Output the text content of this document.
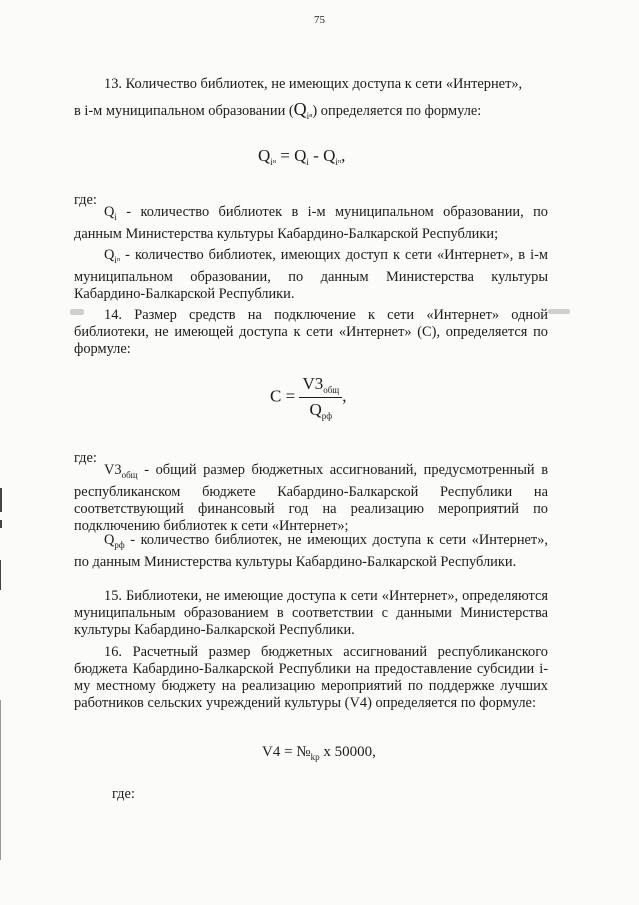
75
13. Количество библиотек, не имеющих доступа к сети «Интернет»,
в i-м муниципальном образовании $(Q_iи)$ определяется по формуле:
$Q_iи = Q_i - Q_iп$,
где:
$Q_i$ - количество библиотек в i-м муниципальном образовании, по данным Министерства культуры Кабардино-Балкарской Республики;
$Q_iп$ - количество библиотек, имеющих доступ к сети «Интернет», в i-м муниципальном образовании, по данным Министерства культуры Кабардино-Балкарской Республики.
14. Размер средств на подключение к сети «Интернет» одной библиотеки, не имеющей доступа к сети «Интернет» (С), определяется по формуле:
$C = \frac{V3_{общ}}{Q_{рф}}$ ,
где:
$V3_{общ}$ - общий размер бюджетных ассигнований, предусмотренный в республиканском бюджете Кабардино-Балкарской Республики на соответствующий финансовый год на реализацию мероприятий по подключению библиотек к сети «Интернет»;
$Q_{рф}$ - количество библиотек, не имеющих доступа к сети «Интернет», по данным Министерства культуры Кабардино-Балкарской Республики.
15. Библиотеки, не имеющие доступа к сети «Интернет», определяются муниципальным образованием в соответствии с данными Министерства культуры Кабардино-Балкарской Республики.
16. Расчетный размер бюджетных ассигнований республиканского бюджета Кабардино-Балкарской Республики на предоставление субсидии i-му местному бюджету на реализацию мероприятий по поддержке лучших работников сельских учреждений культуры (V4) определяется по формуле:
$V4 = №_{kp}$ x 50000,
где:
